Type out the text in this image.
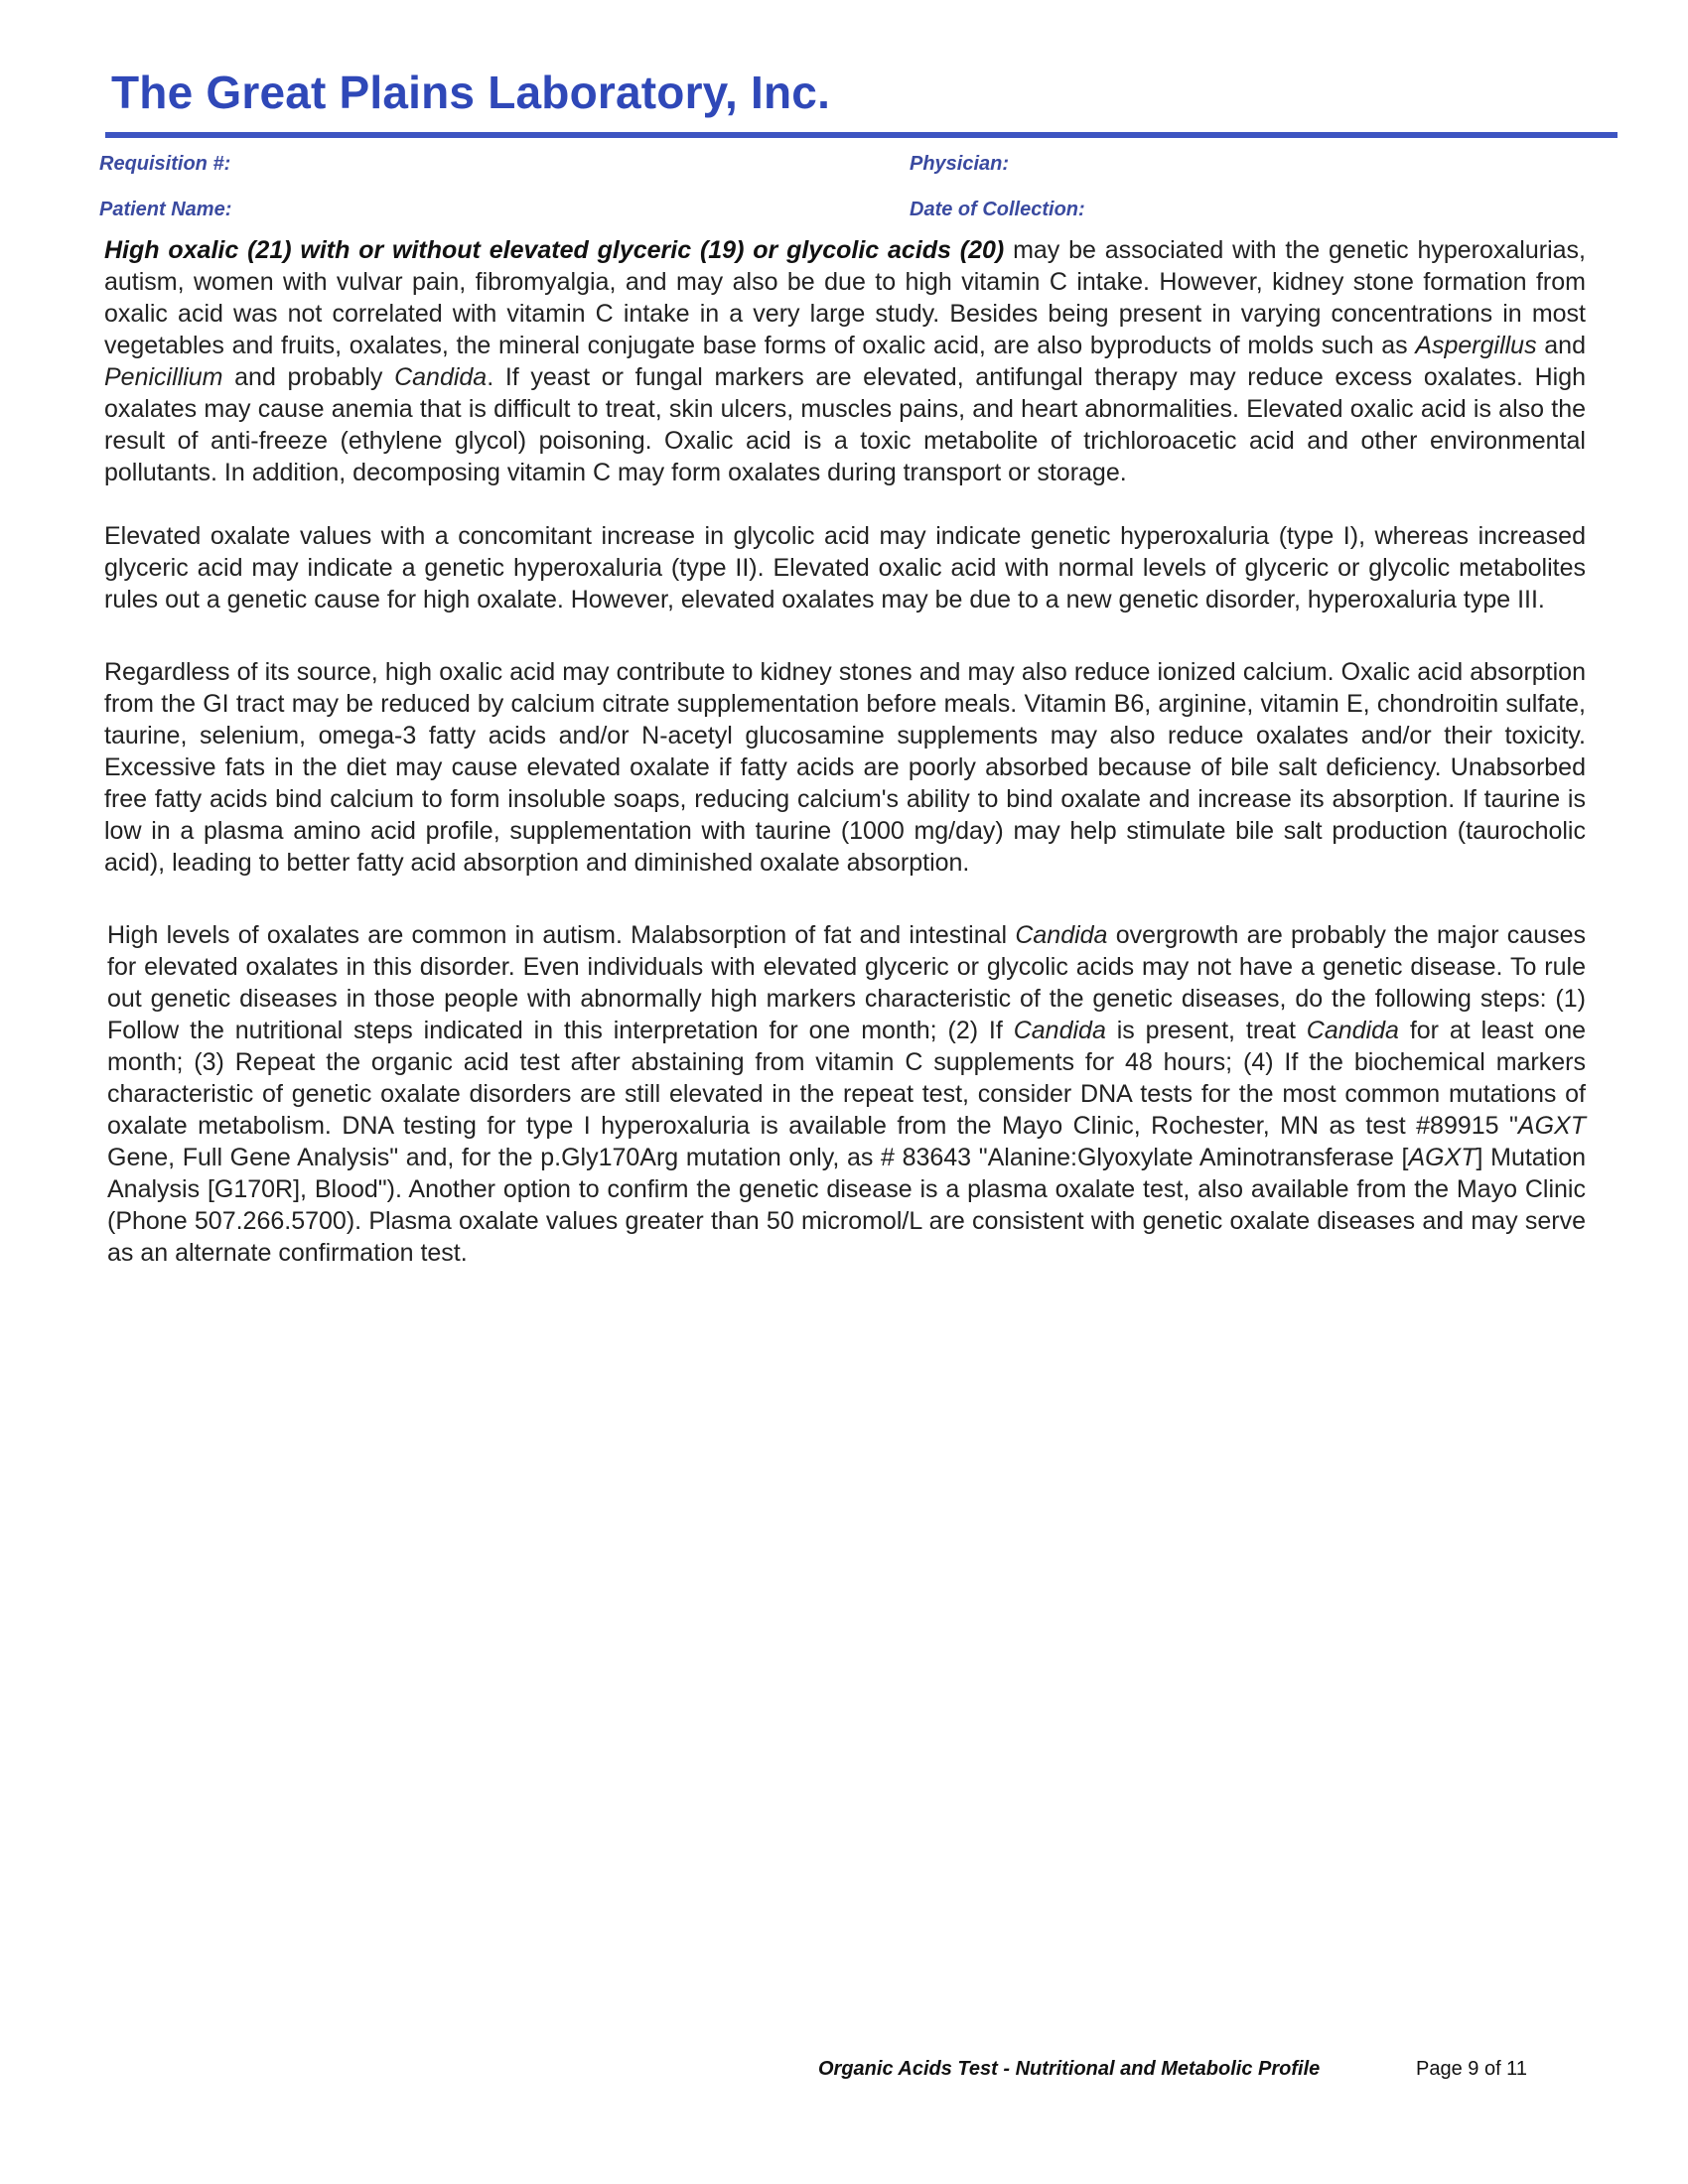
The Great Plains Laboratory, Inc.
Requisition #:	Physician:
Patient Name:	Date of Collection:

High oxalic (21) with or without elevated glyceric (19) or glycolic acids (20) may be associated with the genetic hyperoxalurias, autism, women with vulvar pain, fibromyalgia, and may also be due to high vitamin C intake. However, kidney stone formation from oxalic acid was not correlated with vitamin C intake in a very large study. Besides being present in varying concentrations in most vegetables and fruits, oxalates, the mineral conjugate base forms of oxalic acid, are also byproducts of molds such as Aspergillus and Penicillium and probably Candida. If yeast or fungal markers are elevated, antifungal therapy may reduce excess oxalates. High oxalates may cause anemia that is difficult to treat, skin ulcers, muscles pains, and heart abnormalities. Elevated oxalic acid is also the result of anti-freeze (ethylene glycol) poisoning. Oxalic acid is a toxic metabolite of trichloroacetic acid and other environmental pollutants. In addition, decomposing vitamin C may form oxalates during transport or storage.

Elevated oxalate values with a concomitant increase in glycolic acid may indicate genetic hyperoxaluria (type I), whereas increased glyceric acid may indicate a genetic hyperoxaluria (type II). Elevated oxalic acid with normal levels of glyceric or glycolic metabolites rules out a genetic cause for high oxalate. However, elevated oxalates may be due to a new genetic disorder, hyperoxaluria type III.

Regardless of its source, high oxalic acid may contribute to kidney stones and may also reduce ionized calcium. Oxalic acid absorption from the GI tract may be reduced by calcium citrate supplementation before meals. Vitamin B6, arginine, vitamin E, chondroitin sulfate, taurine, selenium, omega-3 fatty acids and/or N-acetyl glucosamine supplements may also reduce oxalates and/or their toxicity. Excessive fats in the diet may cause elevated oxalate if fatty acids are poorly absorbed because of bile salt deficiency. Unabsorbed free fatty acids bind calcium to form insoluble soaps, reducing calcium's ability to bind oxalate and increase its absorption. If taurine is low in a plasma amino acid profile, supplementation with taurine (1000 mg/day) may help stimulate bile salt production (taurocholic acid), leading to better fatty acid absorption and diminished oxalate absorption.

High levels of oxalates are common in autism. Malabsorption of fat and intestinal Candida overgrowth are probably the major causes for elevated oxalates in this disorder. Even individuals with elevated glyceric or glycolic acids may not have a genetic disease. To rule out genetic diseases in those people with abnormally high markers characteristic of the genetic diseases, do the following steps: (1) Follow the nutritional steps indicated in this interpretation for one month; (2) If Candida is present, treat Candida for at least one month; (3) Repeat the organic acid test after abstaining from vitamin C supplements for 48 hours; (4) If the biochemical markers characteristic of genetic oxalate disorders are still elevated in the repeat test, consider DNA tests for the most common mutations of oxalate metabolism. DNA testing for type I hyperoxaluria is available from the Mayo Clinic, Rochester, MN as test #89915 "AGXT Gene, Full Gene Analysis" and, for the p.Gly170Arg mutation only, as # 83643 "Alanine:Glyoxylate Aminotransferase [AGXT] Mutation Analysis [G170R], Blood"). Another option to confirm the genetic disease is a plasma oxalate test, also available from the Mayo Clinic (Phone 507.266.5700). Plasma oxalate values greater than 50 micromol/L are consistent with genetic oxalate diseases and may serve as an alternate confirmation test.

Organic Acids Test - Nutritional and Metabolic Profile	Page 9 of 11
